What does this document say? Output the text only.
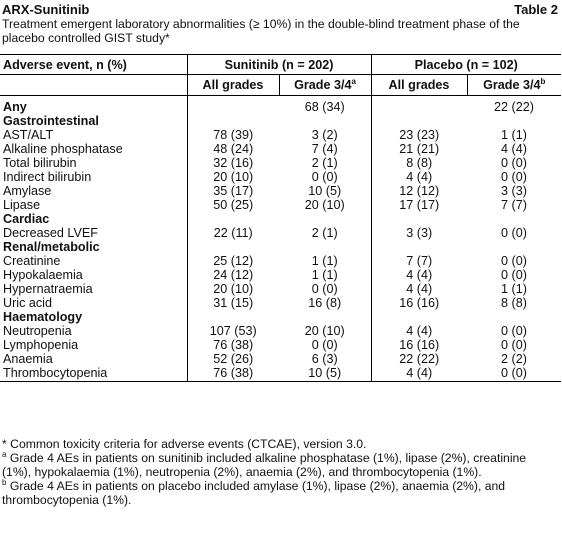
ARX-Sunitinib	Table 2
Treatment emergent laboratory abnormalities (≥ 10%) in the double-blind treatment phase of the placebo controlled GIST study*
Adverse event, n (%)	Sunitinib (n = 202)		Placebo (n = 102)	
	All grades	Grade 3/4$^a$	All grades	Grade 3/4$^b$

Any		68 (34)		22 (22)
Gastrointestinal				
AST/ALT	78 (39)	3 (2)	23 (23)	1 (1)
Alkaline phosphatase	48 (24)	7 (4)	21 (21)	4 (4)
Total bilirubin	32 (16)	2 (1)	8 (8)	0 (0)
Indirect bilirubin	20 (10)	0 (0)	4 (4)	0 (0)
Amylase	35 (17)	10 (5)	12 (12)	3 (3)
Lipase	50 (25)	20 (10)	17 (17)	7 (7)
Cardiac				
Decreased LVEF	22 (11)	2 (1)	3 (3)	0 (0)
Renal/metabolic				
Creatinine	25 (12)	1 (1)	7 (7)	0 (0)
Hypokalaemia	24 (12)	1 (1)	4 (4)	0 (0)
Hypernatraemia	20 (10)	0 (0)	4 (4)	1 (1)
Uric acid	31 (15)	16 (8)	16 (16)	8 (8)
Haematology				
Neutropenia	107 (53)	20 (10)	4 (4)	0 (0)
Lymphopenia	76 (38)	0 (0)	16 (16)	0 (0)
Anaemia	52 (26)	6 (3)	22 (22)	2 (2)
Thrombocytopenia	76 (38)	10 (5)	4 (4)	0 (0)

* Common toxicity criteria for adverse events (CTCAE), version 3.0.

$^a$ Grade 4 AEs in patients on sunitinib included alkaline phosphatase (1%), lipase (2%), creatinine (1%), hypokalaemia (1%), neutropenia (2%), anaemia (2%), and thrombocytopenia (1%).

$^b$ Grade 4 AEs in patients on placebo included amylase (1%), lipase (2%), anaemia (2%), and thrombocytopenia (1%).
